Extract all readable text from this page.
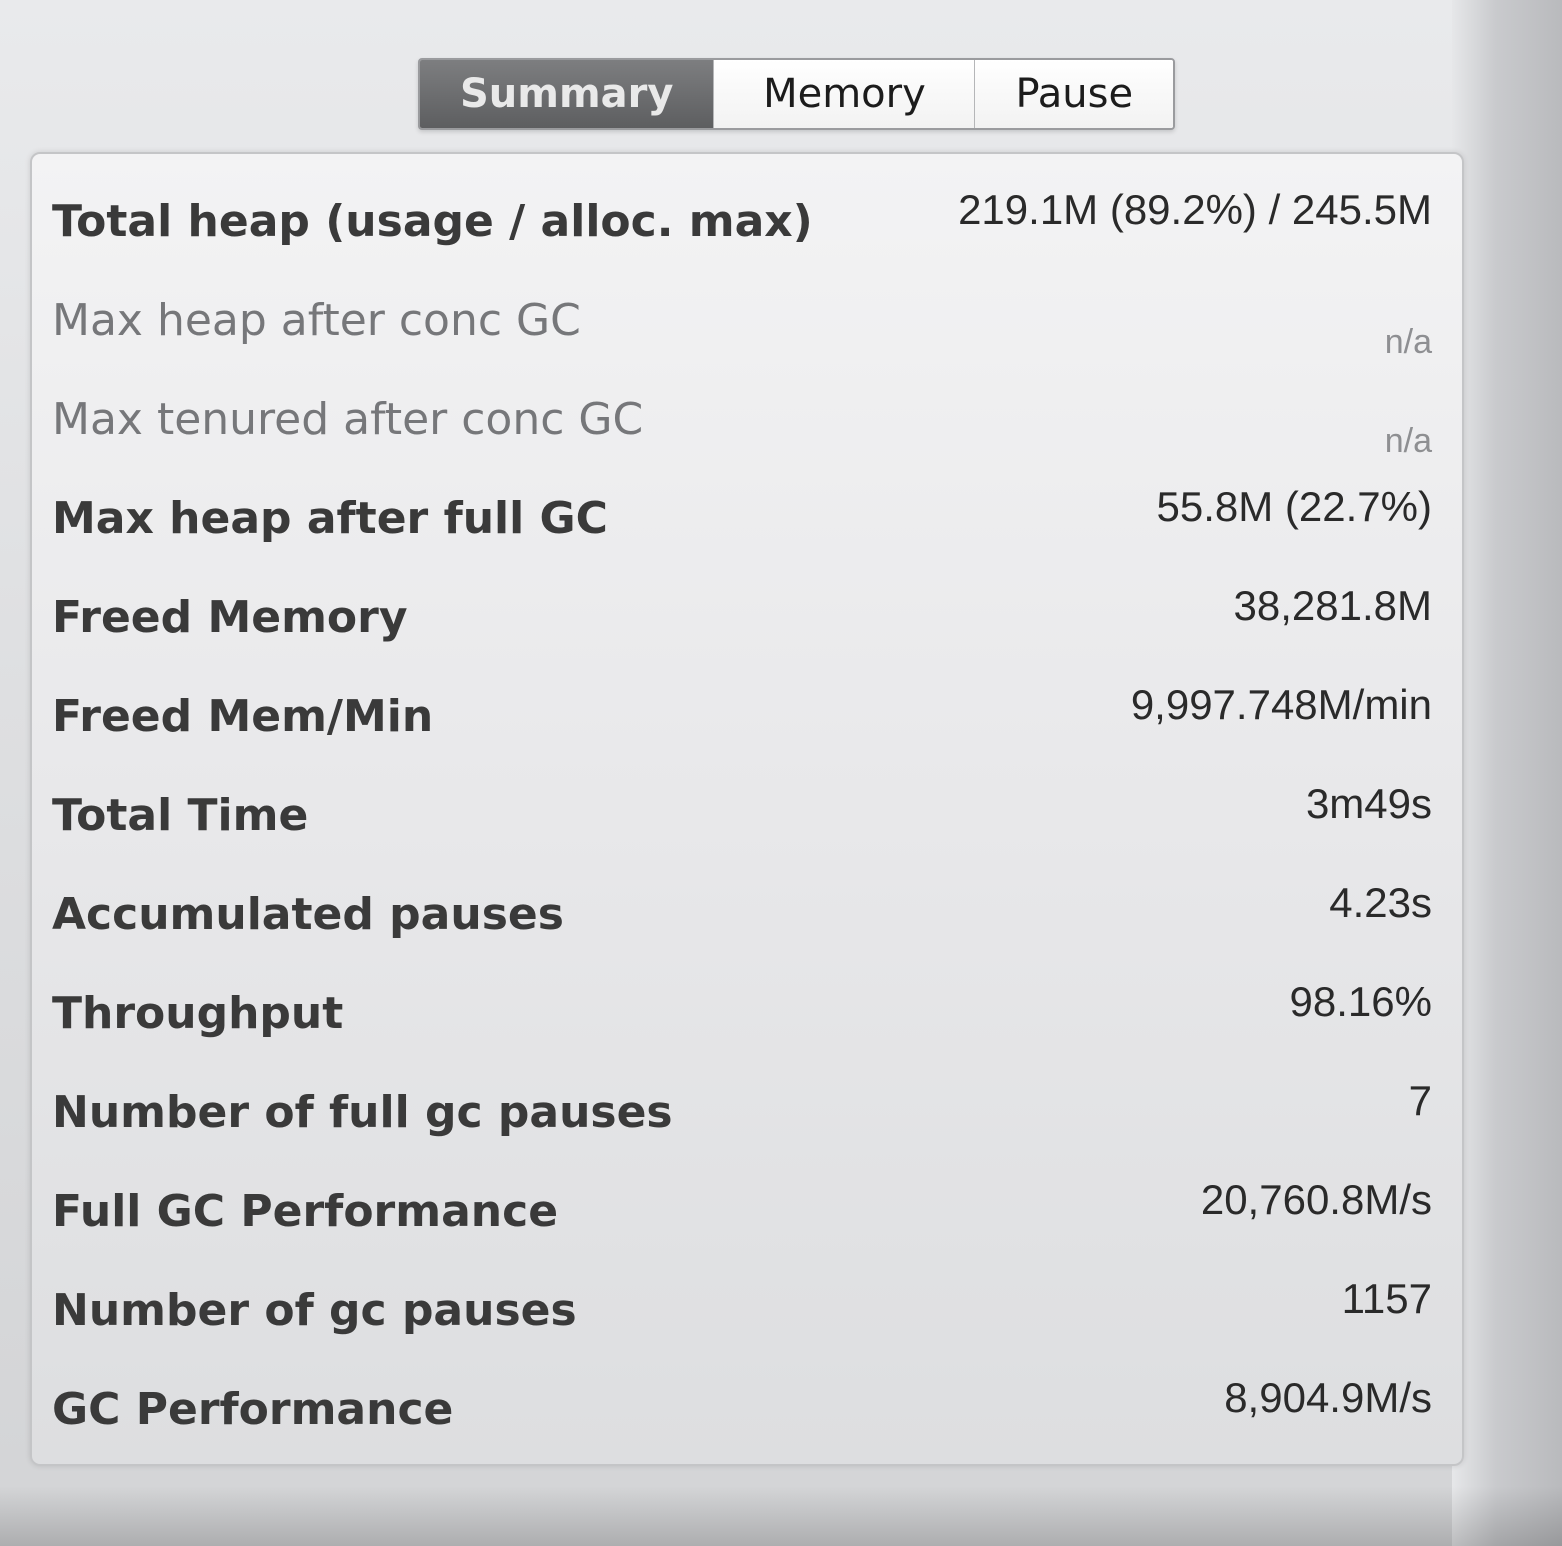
Summary	Memory	Pause
Total heap (usage / alloc. max)	219.1M (89.2%) / 245.5M
Max heap after conc GC	n/a
Max tenured after conc GC	n/a
Max heap after full GC	55.8M (22.7%)
Freed Memory	38,281.8M
Freed Mem/Min	9,997.748M/min
Total Time	3m49s
Accumulated pauses	4.23s
Throughput	98.16%
Number of full gc pauses	7
Full GC Performance	20,760.8M/s
Number of gc pauses	1157
GC Performance	8,904.9M/s
